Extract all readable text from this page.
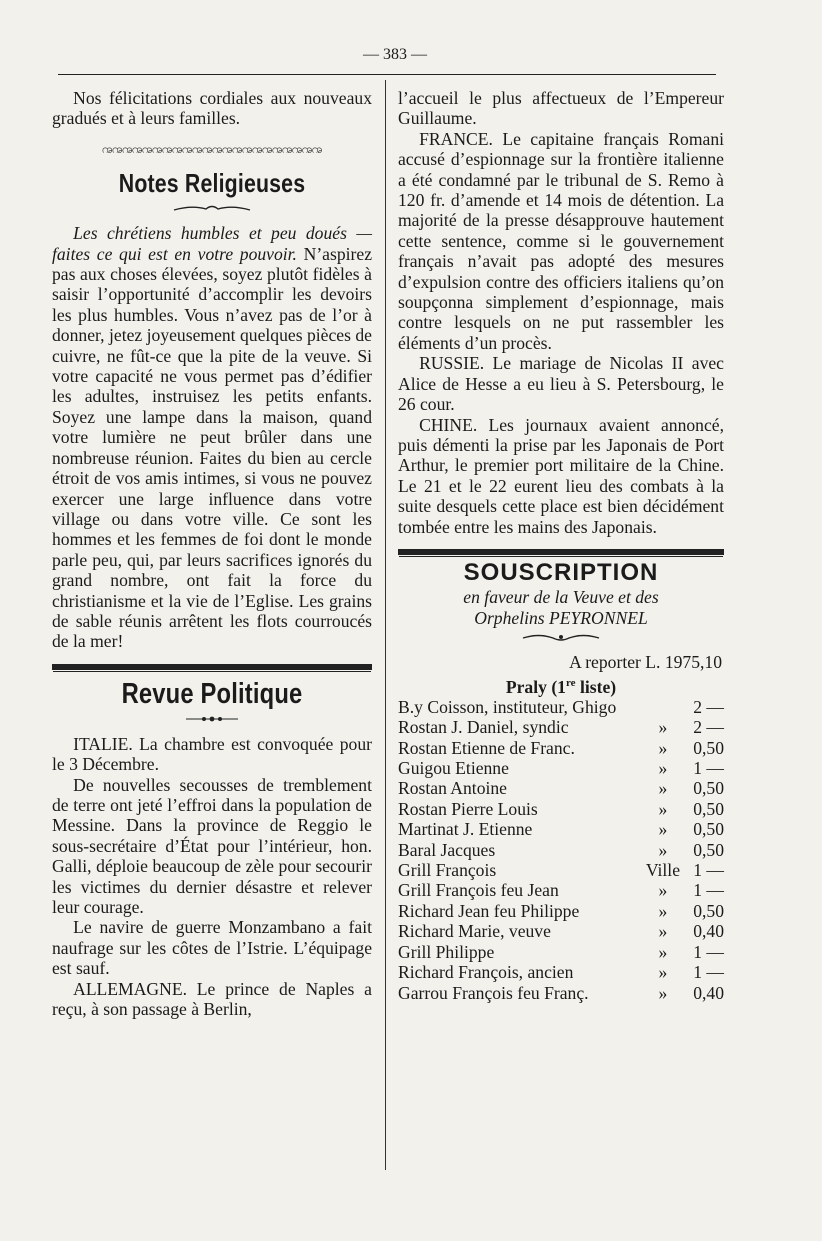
— 383 —

Nos félicitations cordiales aux nouveaux gradués et à leurs familles.

ꩠꩠꩠꩠꩠꩠꩠꩠꩠꩠꩠꩠꩠꩠꩠꩠꩠꩠꩠꩠꩠꩠ
Notes Religieuses

Les chrétiens humbles et peu doués — faites ce qui est en votre pouvoir. N’aspirez pas aux choses élevées, soyez plutôt fidèles à saisir l’opportunité d’accomplir les devoirs les plus humbles. Vous n’avez pas de l’or à donner, jetez joyeusement quelques pièces de cuivre, ne fût-ce que la pite de la veuve. Si votre capacité ne vous permet pas d’édifier les adultes, instruisez les petits enfants. Soyez une lampe dans la maison, quand votre lumière ne peut brûler dans une nombreuse réunion. Faites du bien au cercle étroit de vos amis intimes, si vous ne pouvez exercer une large influence dans votre village ou dans votre ville. Ce sont les hommes et les femmes de foi dont le monde parle peu, qui, par leurs sacrifices ignorés du grand nombre, ont fait la force du christianisme et la vie de l’Eglise. Les grains de sable réunis arrêtent les flots courroucés de la mer!

Revue Politique

ITALIE. La chambre est convoquée pour le 3 Décembre.

De nouvelles secousses de tremblement de terre ont jeté l’effroi dans la population de Messine. Dans la province de Reggio le sous-secrétaire d’État pour l’intérieur, hon. Galli, déploie beaucoup de zèle pour secourir les victimes du dernier désastre et relever leur courage.

Le navire de guerre Monzambano a fait naufrage sur les côtes de l’Istrie. L’équipage est sauf.

ALLEMAGNE. Le prince de Naples a reçu, à son passage à Berlin,

l’accueil le plus affectueux de l’Empereur Guillaume.

FRANCE. Le capitaine français Romani accusé d’espionnage sur la frontière italienne a été condamné par le tribunal de S. Remo à 120 fr. d’amende et 14 mois de détention. La majorité de la presse désapprouve hautement cette sentence, comme si le gouvernement français n’avait pas adopté des mesures d’expulsion contre des officiers italiens qu’on soupçonna simplement d’espionnage, mais contre lesquels on ne put rassembler les éléments d’un procès.

RUSSIE. Le mariage de Nicolas II avec Alice de Hesse a eu lieu à S. Petersbourg, le 26 cour.

CHINE. Les journaux avaient annoncé, puis démenti la prise par les Japonais de Port Arthur, le premier port militaire de la Chine. Le 21 et le 22 eurent lieu des combats à la suite desquels cette place est bien décidément tombée entre les mains des Japonais.

SOUSCRIPTION
en faveur de la Veuve et des
Orphelins PEYRONNEL
A reporter L. 1975,10
Praly (1re liste)
B.y Coisson, instituteur, Ghigo		2 —
Rostan J. Daniel, syndic	»	2 —
Rostan Etienne de Franc.	»	0,50
Guigou Etienne	»	1 —
Rostan Antoine	»	0,50
Rostan Pierre Louis	»	0,50
Martinat J. Etienne	»	0,50
Baral Jacques	»	0,50
Grill François	Ville	1 —
Grill François feu Jean	»	1 —
Richard Jean feu Philippe	»	0,50
Richard Marie, veuve	»	0,40
Grill Philippe	»	1 —
Richard François, ancien	»	1 —
Garrou François feu Franç.	»	0,40
